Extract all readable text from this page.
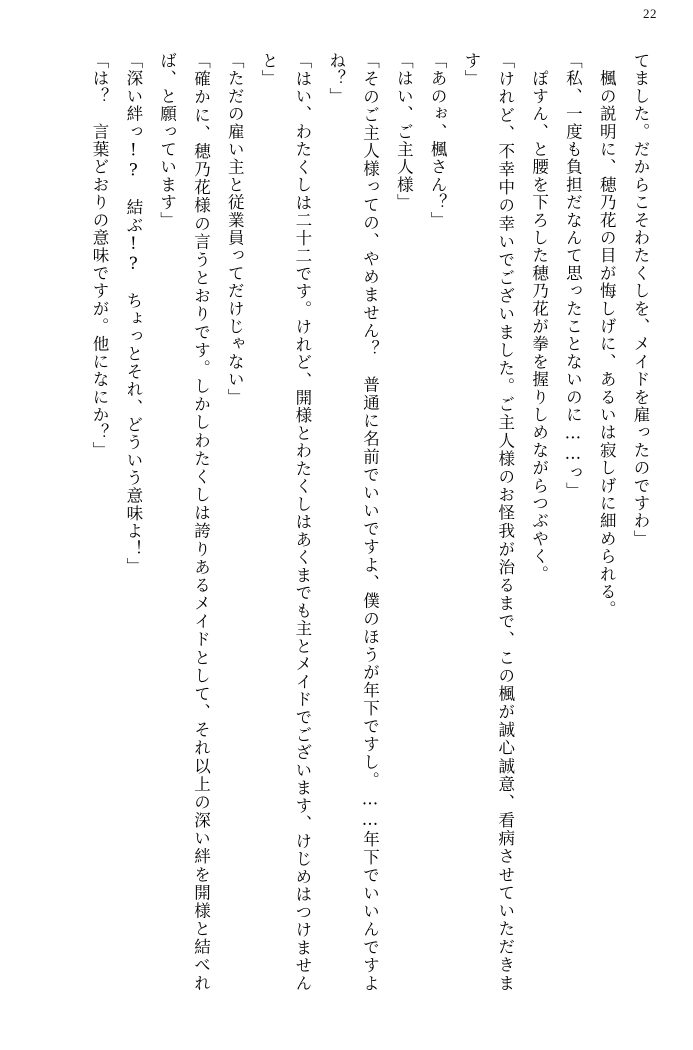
22

てました。だからこそわたくしを、メイドを雇ったのですわ」

　楓の説明に、穂乃花の目が悔しげに、あるいは寂しげに細められる。

「私、一度も負担だなんて思ったことないのに……っ」

　ぽすん、と腰を下ろした穂乃花が拳を握りしめながらつぶやく。

「けれど、不幸中の幸いでございました。ご主人様のお怪我が治るまで、この楓が誠心誠意、看病させていただきます」

「あのぉ、楓さん？」

「はい、ご主人様」

「そのご主人様っての、やめません？　普通に名前でいいですよ、僕のほうが年下ですし。……年下でいいんですよね？」

「はい、わたくしは二十二です。けれど、開様とわたくしはあくまでも主とメイドでございます、けじめはつけませんと」

「ただの雇い主と従業員ってだけじゃない」

「確かに、穂乃花様の言うとおりです。しかしわたくしは誇りあるメイドとして、それ以上の深い絆を開様と結べれば、と願っています」

「深い絆っ!?　結ぶ!?　ちょっとそれ、どういう意味よ！」

「は？　言葉どおりの意味ですが。他になにか？」
